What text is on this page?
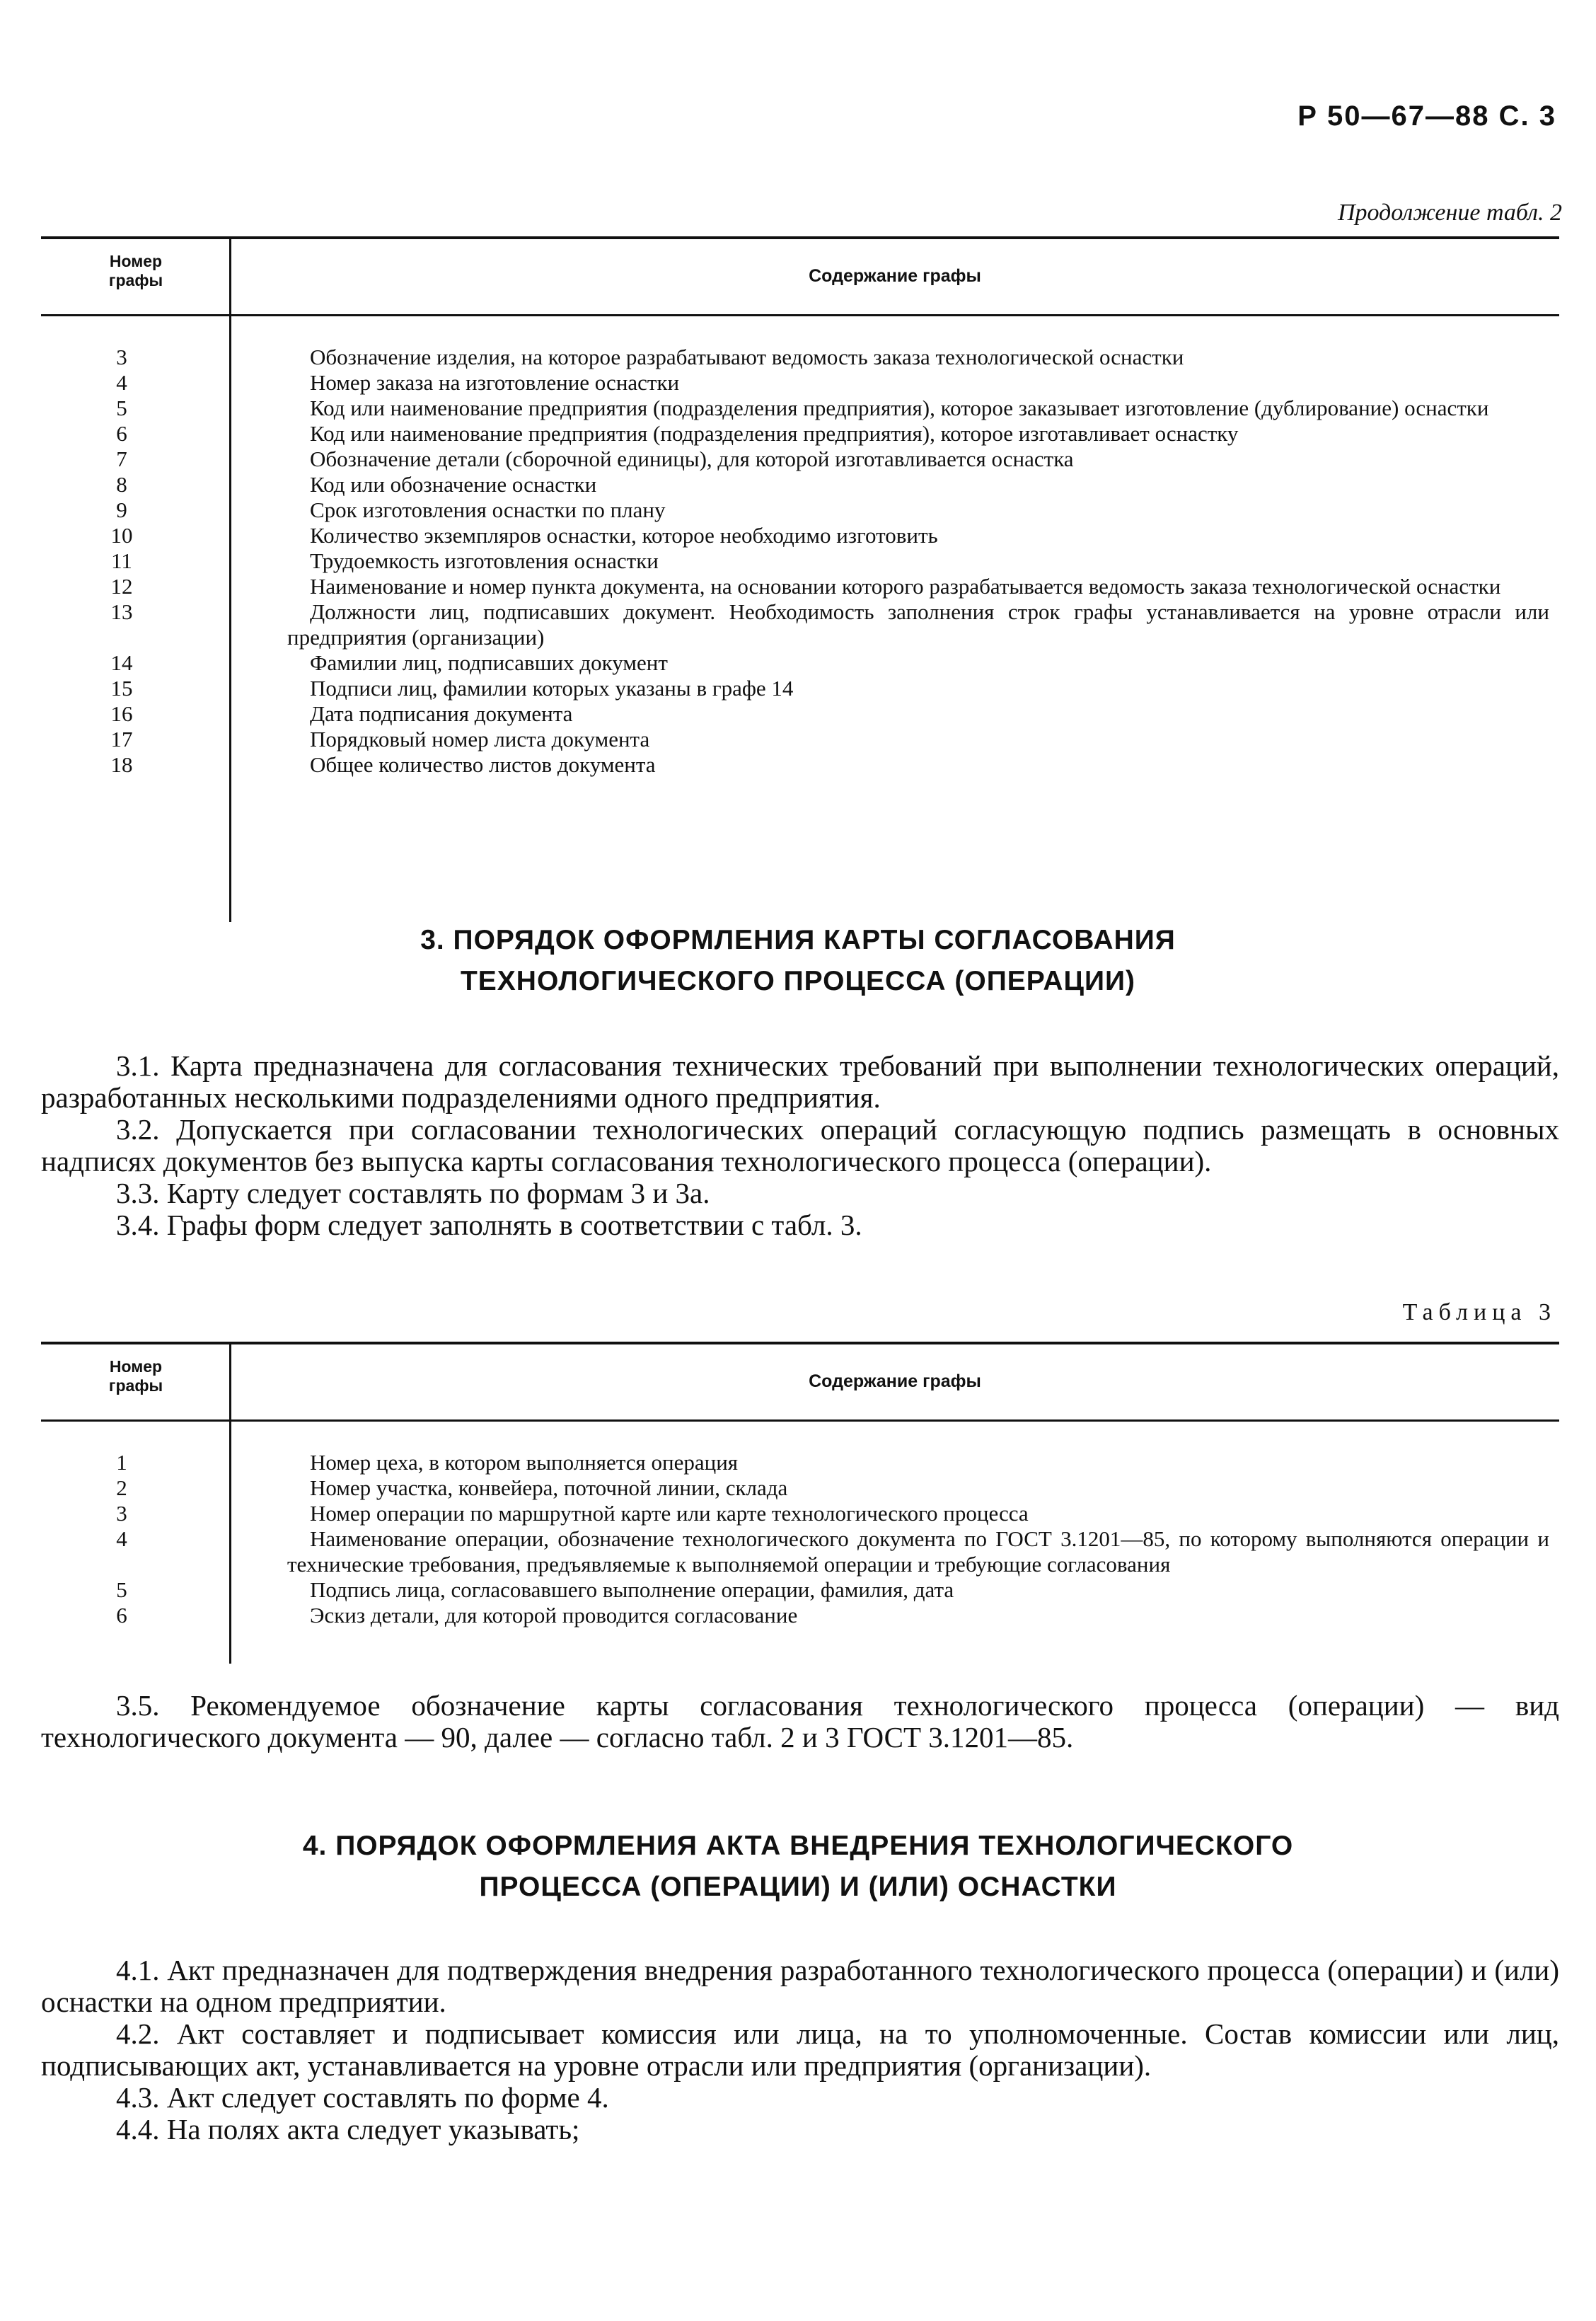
Р 50—67—88 С. 3
Продолжение табл. 2
Номер
графы	Содержание графы
3	Обозначение изделия, на которое разрабатывают ведомость заказа технологической оснастки
4	Номер заказа на изготовление оснастки
5	Код или наименование предприятия (подразделения предприятия), которое заказывает изготовление (дублирование) оснастки
6	Код или наименование предприятия (подразделения предприятия), которое изготавливает оснастку
7	Обозначение детали (сборочной единицы), для которой изготавливается оснастка
8	Код или обозначение оснастки
9	Срок изготовления оснастки по плану
10	Количество экземпляров оснастки, которое необходимо изготовить
11	Трудоемкость изготовления оснастки
12	Наименование и номер пункта документа, на основании которого разрабатывается ведомость заказа технологической оснастки
13	Должности лиц, подписавших документ. Необходимость заполнения строк графы устанавливается на уровне отрасли или предприятия (организации)
14	Фамилии лиц, подписавших документ
15	Подписи лиц, фамилии которых указаны в графе 14
16	Дата подписания документа
17	Порядковый номер листа документа
18	Общее количество листов документа
3. ПОРЯДОК ОФОРМЛЕНИЯ КАРТЫ СОГЛАСОВАНИЯ
ТЕХНОЛОГИЧЕСКОГО ПРОЦЕССА (ОПЕРАЦИИ)

3.1. Карта предназначена для согласования технических требований при выполнении технологических операций, разработанных несколькими подразделениями одного предприятия.

3.2. Допускается при согласовании технологических операций согласующую подпись размещать в основных надписях документов без выпуска карты согласования технологического процесса (операции).

3.3. Карту следует составлять по формам 3 и 3а.

3.4. Графы форм следует заполнять в соответствии с табл. 3.

Таблица 3
Номер
графы	Содержание графы
1	Номер цеха, в котором выполняется операция
2	Номер участка, конвейера, поточной линии, склада
3	Номер операции по маршрутной карте или карте технологического процесса
4	Наименование операции, обозначение технологического документа по ГОСТ 3.1201—85, по которому выполняются операции и технические требования, предъявляемые к выполняемой операции и требующие согласования
5	Подпись лица, согласовавшего выполнение операции, фамилия, дата
6	Эскиз детали, для которой проводится согласование

3.5. Рекомендуемое обозначение карты согласования технологического процесса (операции) — вид технологического документа — 90, далее — согласно табл. 2 и 3 ГОСТ 3.1201—85.

4. ПОРЯДОК ОФОРМЛЕНИЯ АКТА ВНЕДРЕНИЯ ТЕХНОЛОГИЧЕСКОГО
ПРОЦЕССА (ОПЕРАЦИИ) И (ИЛИ) ОСНАСТКИ

4.1. Акт предназначен для подтверждения внедрения разработанного технологического процесса (операции) и (или) оснастки на одном предприятии.

4.2. Акт составляет и подписывает комиссия или лица, на то уполномоченные. Состав комиссии или лиц, подписывающих акт, устанавливается на уровне отрасли или предприятия (организации).

4.3. Акт следует составлять по форме 4.

4.4. На полях акта следует указывать;
